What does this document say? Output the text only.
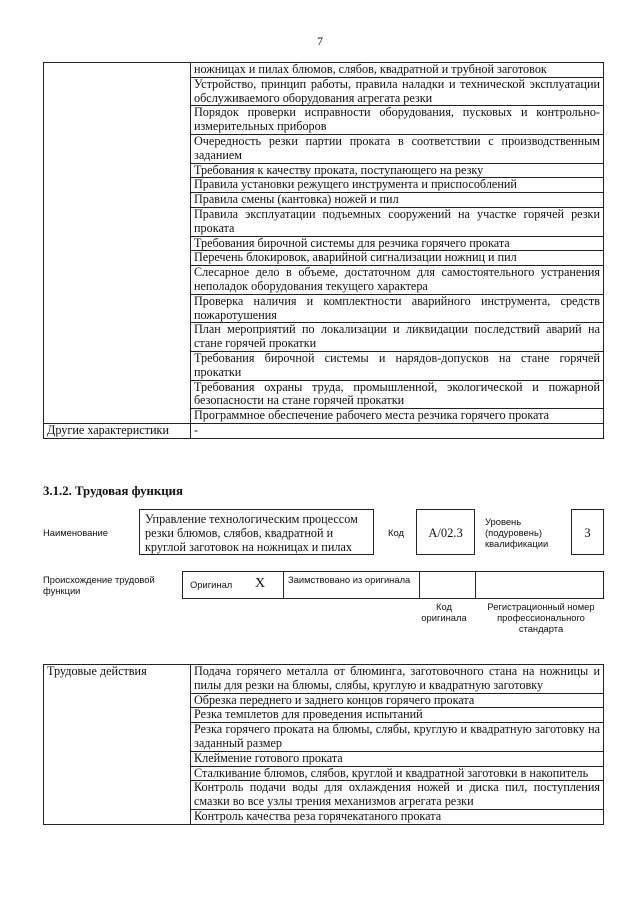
7
	ножницах и пилах блюмов, слябов, квадратной и трубной заготовок
	Устройство, принцип работы, правила наладки и технической эксплуатации обслуживаемого оборудования агрегата резки
	Порядок проверки исправности оборудования, пусковых и контрольно-измерительных приборов
	Очередность резки партии проката в соответствии с производственным заданием
	Требования к качеству проката, поступающего на резку
	Правила установки режущего инструмента и приспособлений
	Правила смены (кантовка) ножей и пил
	Правила эксплуатации подъемных сооружений на участке горячей резки проката
	Требования бирочной системы для резчика горячего проката
	Перечень блокировок, аварийной сигнализации ножниц и пил
	Слесарное дело в объеме, достаточном для самостоятельного устранения неполадок оборудования текущего характера
	Проверка наличия и комплектности аварийного инструмента, средств пожаротушения
	План мероприятий по локализации и ликвидации последствий аварий на стане горячей прокатки
	Требования бирочной системы и нарядов-допусков на стане горячей прокатки
	Требования охраны труда, промышленной, экологической и пожарной безопасности на стане горячей прокатки
	Программное обеспечение рабочего места резчика горячего проката
Другие характеристики	-
3.1.2. Трудовая функция
Наименование
Управление технологическим процессом резки блюмов, слябов, квадратной и круглой заготовок на ножницах и пилах
Код	А/02.3
Уровень (подуровень) квалификации
3
Происхождение трудовой функции
Оригинал X Заимствовано из оригинала
Код оригинала
Регистрационный номер профессионального стандарта
Трудовые действия	Подача горячего металла от блюминга, заготовочного стана на ножницы и пилы для резки на блюмы, слябы, круглую и квадратную заготовку
Обрезка переднего и заднего концов горячего проката
Резка темплетов для проведения испытаний
Резка горячего проката на блюмы, слябы, круглую и квадратную заготовку на заданный размер
Клеймение готового проката
Сталкивание блюмов, слябов, круглой и квадратной заготовки в накопитель
Контроль подачи воды для охлаждения ножей и диска пил, поступления смазки во все узлы трения механизмов агрегата резки
Контроль качества реза горячекатаного проката
